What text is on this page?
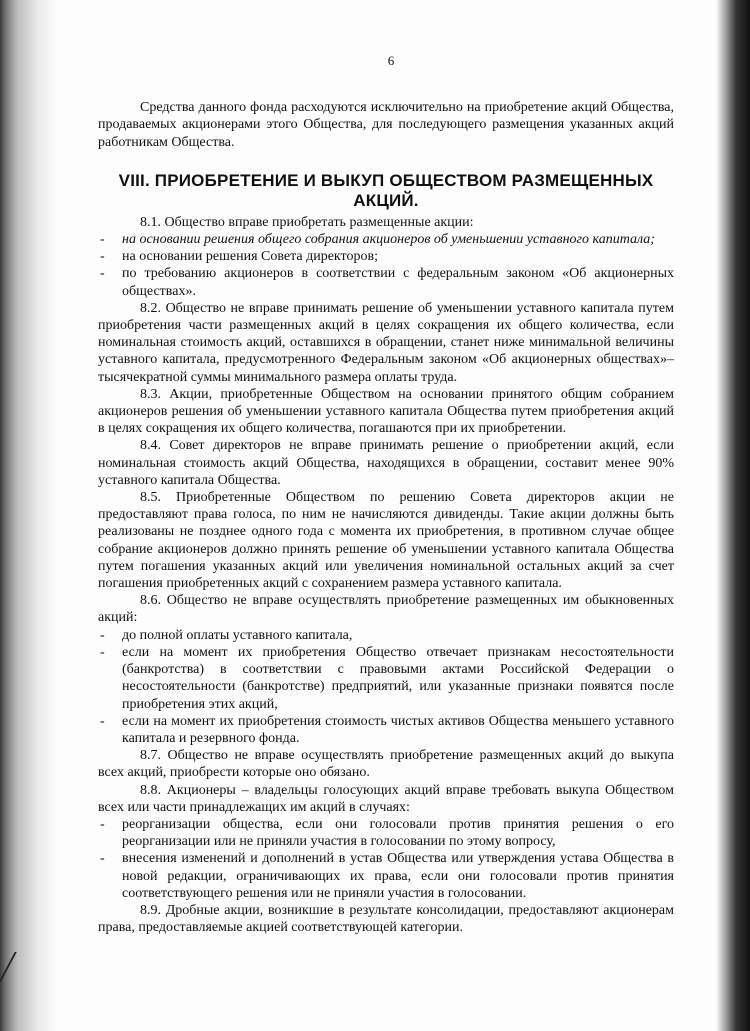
6

Средства данного фонда расходуются исключительно на приобретение акций Общества, продаваемых акционерами этого Общества, для последующего размещения указанных акций работникам Общества.

VIII. ПРИОБРЕТЕНИЕ И ВЫКУП ОБЩЕСТВОМ РАЗМЕЩЕННЫХ АКЦИЙ.

8.1. Общество вправе приобретать размещенные акции:

- на основании решения общего собрания акционеров об уменьшении уставного капитала;
- на основании решения Совета директоров;
- по требованию акционеров в соответствии с федеральным законом «Об акционерных обществах».

8.2. Общество не вправе принимать решение об уменьшении уставного капитала путем приобретения части размещенных акций в целях сокращения их общего количества, если номинальная стоимость акций, оставшихся в обращении, станет ниже минимальной величины уставного капитала, предусмотренного Федеральным законом «Об акционерных обществах»– тысячекратной суммы минимального размера оплаты труда.

8.3. Акции, приобретенные Обществом на основании принятого общим собранием акционеров решения об уменьшении уставного капитала Общества путем приобретения акций в целях сокращения их общего количества, погашаются при их приобретении.

8.4. Совет директоров не вправе принимать решение о приобретении акций, если номинальная стоимость акций Общества, находящихся в обращении, составит менее 90% уставного капитала Общества.

8.5. Приобретенные Обществом по решению Совета директоров акции не предоставляют права голоса, по ним не начисляются дивиденды. Такие акции должны быть реализованы не позднее одного года с момента их приобретения, в противном случае общее собрание акционеров должно принять решение об уменьшении уставного капитала Общества путем погашения указанных акций или увеличения номинальной остальных акций за счет погашения приобретенных акций с сохранением размера уставного капитала.

8.6. Общество не вправе осуществлять приобретение размещенных им обыкновенных акций:

- до полной оплаты уставного капитала,
- если на момент их приобретения Общество отвечает признакам несостоятельности (банкротства) в соответствии с правовыми актами Российской Федерации о несостоятельности (банкротстве) предприятий, или указанные признаки появятся после приобретения этих акций,
- если на момент их приобретения стоимость чистых активов Общества меньшего уставного капитала и резервного фонда.

8.7. Общество не вправе осуществлять приобретение размещенных акций до выкупа всех акций, приобрести которые оно обязано.

8.8. Акционеры – владельцы голосующих акций вправе требовать выкупа Обществом всех или части принадлежащих им акций в случаях:

- реорганизации общества, если они голосовали против принятия решения о его реорганизации или не приняли участия в голосовании по этому вопросу,
- внесения изменений и дополнений в устав Общества или утверждения устава Общества в новой редакции, ограничивающих их права, если они голосовали против принятия соответствующего решения или не приняли участия в голосовании.

8.9. Дробные акции, возникшие в результате консолидации, предоставляют акционерам права, предоставляемые акцией соответствующей категории.
